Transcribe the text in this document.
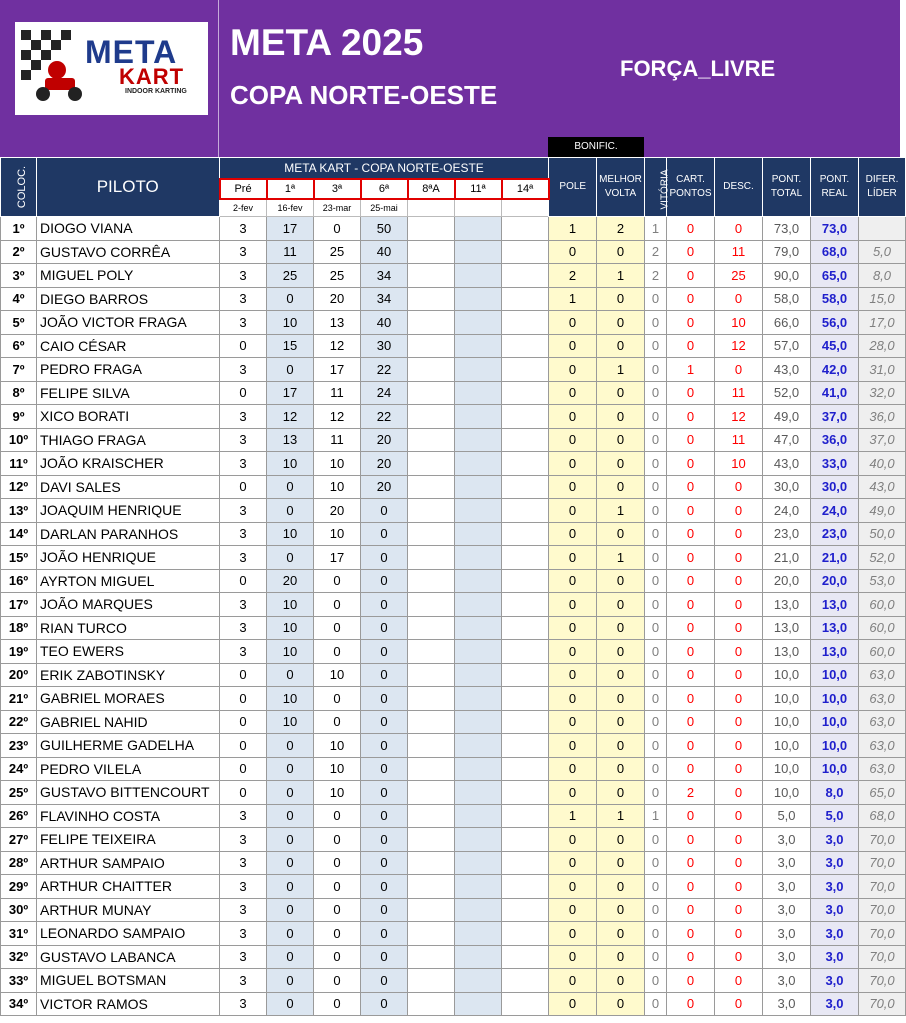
META
KART
INDOOR KARTING
META 2025
COPA NORTE-OESTE
FORÇA_LIVRE
BONIFIC.
COLOC.	PILOTO	META KART - COPA NORTE-OESTE							POLE	MELHOR
VOLTA	VITÓRIA	CART.
PONTOS	DESC.	PONT.
TOTAL	PONT.
REAL	DIFER.
LÍDER
		Pré	1ª	3ª	6ª	8ªA	11ª	14ª								
		2-fev	16-fev	23-mar	25-mai											
1º	DIOGO VIANA	3	17	0	50				1	2	1	0	0	73,0	73,0	
2º	GUSTAVO CORRÊA	3	11	25	40				0	0	2	0	11	79,0	68,0	5,0
3º	MIGUEL POLY	3	25	25	34				2	1	2	0	25	90,0	65,0	8,0
4º	DIEGO BARROS	3	0	20	34				1	0	0	0	0	58,0	58,0	15,0
5º	JOÃO VICTOR FRAGA	3	10	13	40				0	0	0	0	10	66,0	56,0	17,0
6º	CAIO CÉSAR	0	15	12	30				0	0	0	0	12	57,0	45,0	28,0
7º	PEDRO FRAGA	3	0	17	22				0	1	0	1	0	43,0	42,0	31,0
8º	FELIPE SILVA	0	17	11	24				0	0	0	0	11	52,0	41,0	32,0
9º	XICO BORATI	3	12	12	22				0	0	0	0	12	49,0	37,0	36,0
10º	THIAGO FRAGA	3	13	11	20				0	0	0	0	11	47,0	36,0	37,0
11º	JOÃO KRAISCHER	3	10	10	20				0	0	0	0	10	43,0	33,0	40,0
12º	DAVI SALES	0	0	10	20				0	0	0	0	0	30,0	30,0	43,0
13º	JOAQUIM HENRIQUE	3	0	20	0				0	1	0	0	0	24,0	24,0	49,0
14º	DARLAN PARANHOS	3	10	10	0				0	0	0	0	0	23,0	23,0	50,0
15º	JOÃO HENRIQUE	3	0	17	0				0	1	0	0	0	21,0	21,0	52,0
16º	AYRTON MIGUEL	0	20	0	0				0	0	0	0	0	20,0	20,0	53,0
17º	JOÃO MARQUES	3	10	0	0				0	0	0	0	0	13,0	13,0	60,0
18º	RIAN TURCO	3	10	0	0				0	0	0	0	0	13,0	13,0	60,0
19º	TEO EWERS	3	10	0	0				0	0	0	0	0	13,0	13,0	60,0
20º	ERIK ZABOTINSKY	0	0	10	0				0	0	0	0	0	10,0	10,0	63,0
21º	GABRIEL MORAES	0	10	0	0				0	0	0	0	0	10,0	10,0	63,0
22º	GABRIEL NAHID	0	10	0	0				0	0	0	0	0	10,0	10,0	63,0
23º	GUILHERME GADELHA	0	0	10	0				0	0	0	0	0	10,0	10,0	63,0
24º	PEDRO VILELA	0	0	10	0				0	0	0	0	0	10,0	10,0	63,0
25º	GUSTAVO BITTENCOURT	0	0	10	0				0	0	0	2	0	10,0	8,0	65,0
26º	FLAVINHO COSTA	3	0	0	0				1	1	1	0	0	5,0	5,0	68,0
27º	FELIPE TEIXEIRA	3	0	0	0				0	0	0	0	0	3,0	3,0	70,0
28º	ARTHUR SAMPAIO	3	0	0	0				0	0	0	0	0	3,0	3,0	70,0
29º	ARTHUR CHAITTER	3	0	0	0				0	0	0	0	0	3,0	3,0	70,0
30º	ARTHUR MUNAY	3	0	0	0				0	0	0	0	0	3,0	3,0	70,0
31º	LEONARDO SAMPAIO	3	0	0	0				0	0	0	0	0	3,0	3,0	70,0
32º	GUSTAVO LABANCA	3	0	0	0				0	0	0	0	0	3,0	3,0	70,0
33º	MIGUEL BOTSMAN	3	0	0	0				0	0	0	0	0	3,0	3,0	70,0
34º	VICTOR RAMOS	3	0	0	0				0	0	0	0	0	3,0	3,0	70,0
